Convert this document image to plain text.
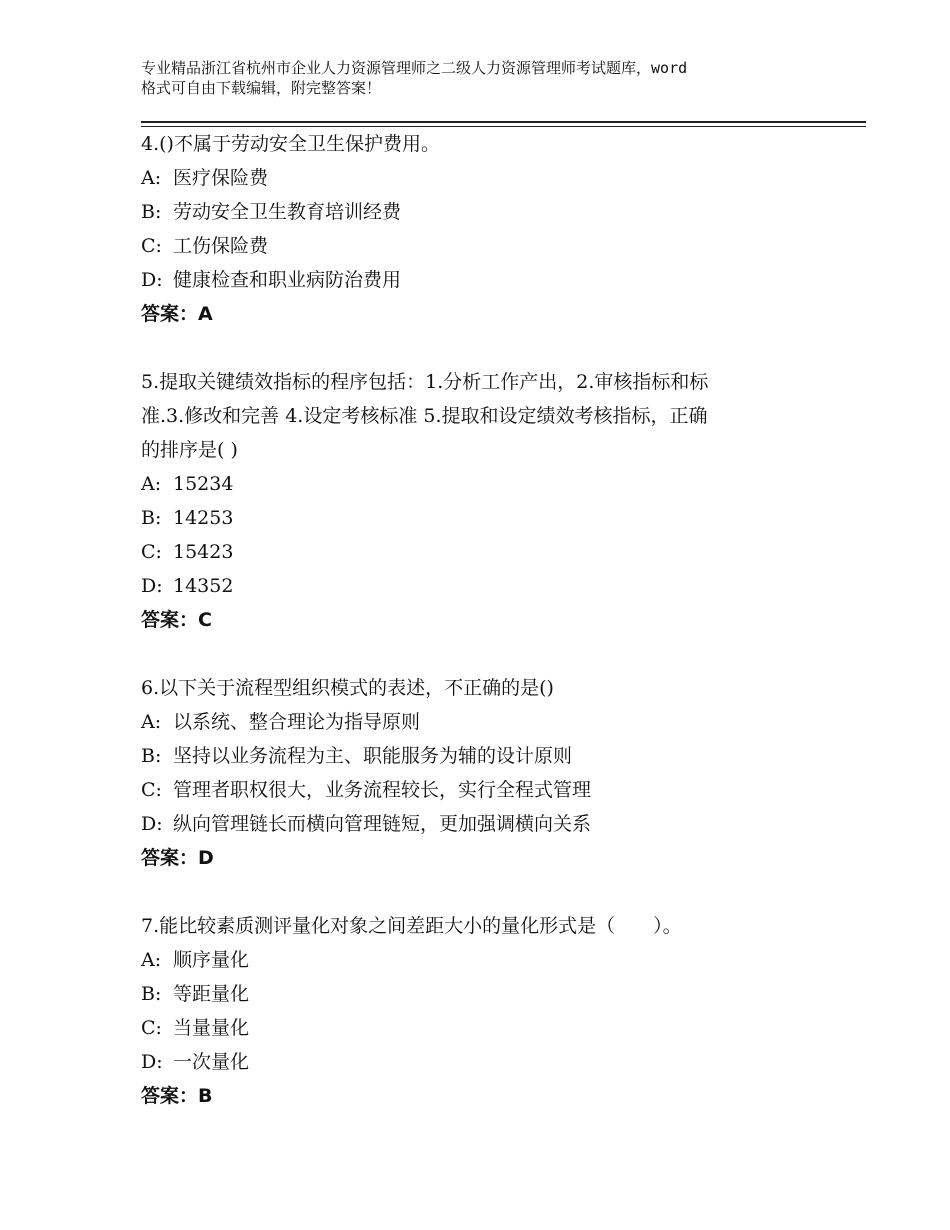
专业精品浙江省杭州市企业人力资源管理师之二级人力资源管理师考试题库，word
格式可自由下载编辑，附完整答案！
4.()不属于劳动安全卫生保护费用。
A: 医疗保险费
B: 劳动安全卫生教育培训经费
C: 工伤保险费
D: 健康检查和职业病防治费用
答案：A
5.提取关键绩效指标的程序包括：1.分析工作产出，2.审核指标和标
准.3.修改和完善 4.设定考核标准 5.提取和设定绩效考核指标，正确
的排序是( )
A: 15234
B: 14253
C: 15423
D: 14352
答案：C
6.以下关于流程型组织模式的表述，不正确的是()
A: 以系统、整合理论为指导原则
B: 坚持以业务流程为主、职能服务为辅的设计原则
C: 管理者职权很大，业务流程较长，实行全程式管理
D: 纵向管理链长而横向管理链短，更加强调横向关系
答案：D
7.能比较素质测评量化对象之间差距大小的量化形式是（　　）。
A: 顺序量化
B: 等距量化
C: 当量量化
D: 一次量化
答案：B
